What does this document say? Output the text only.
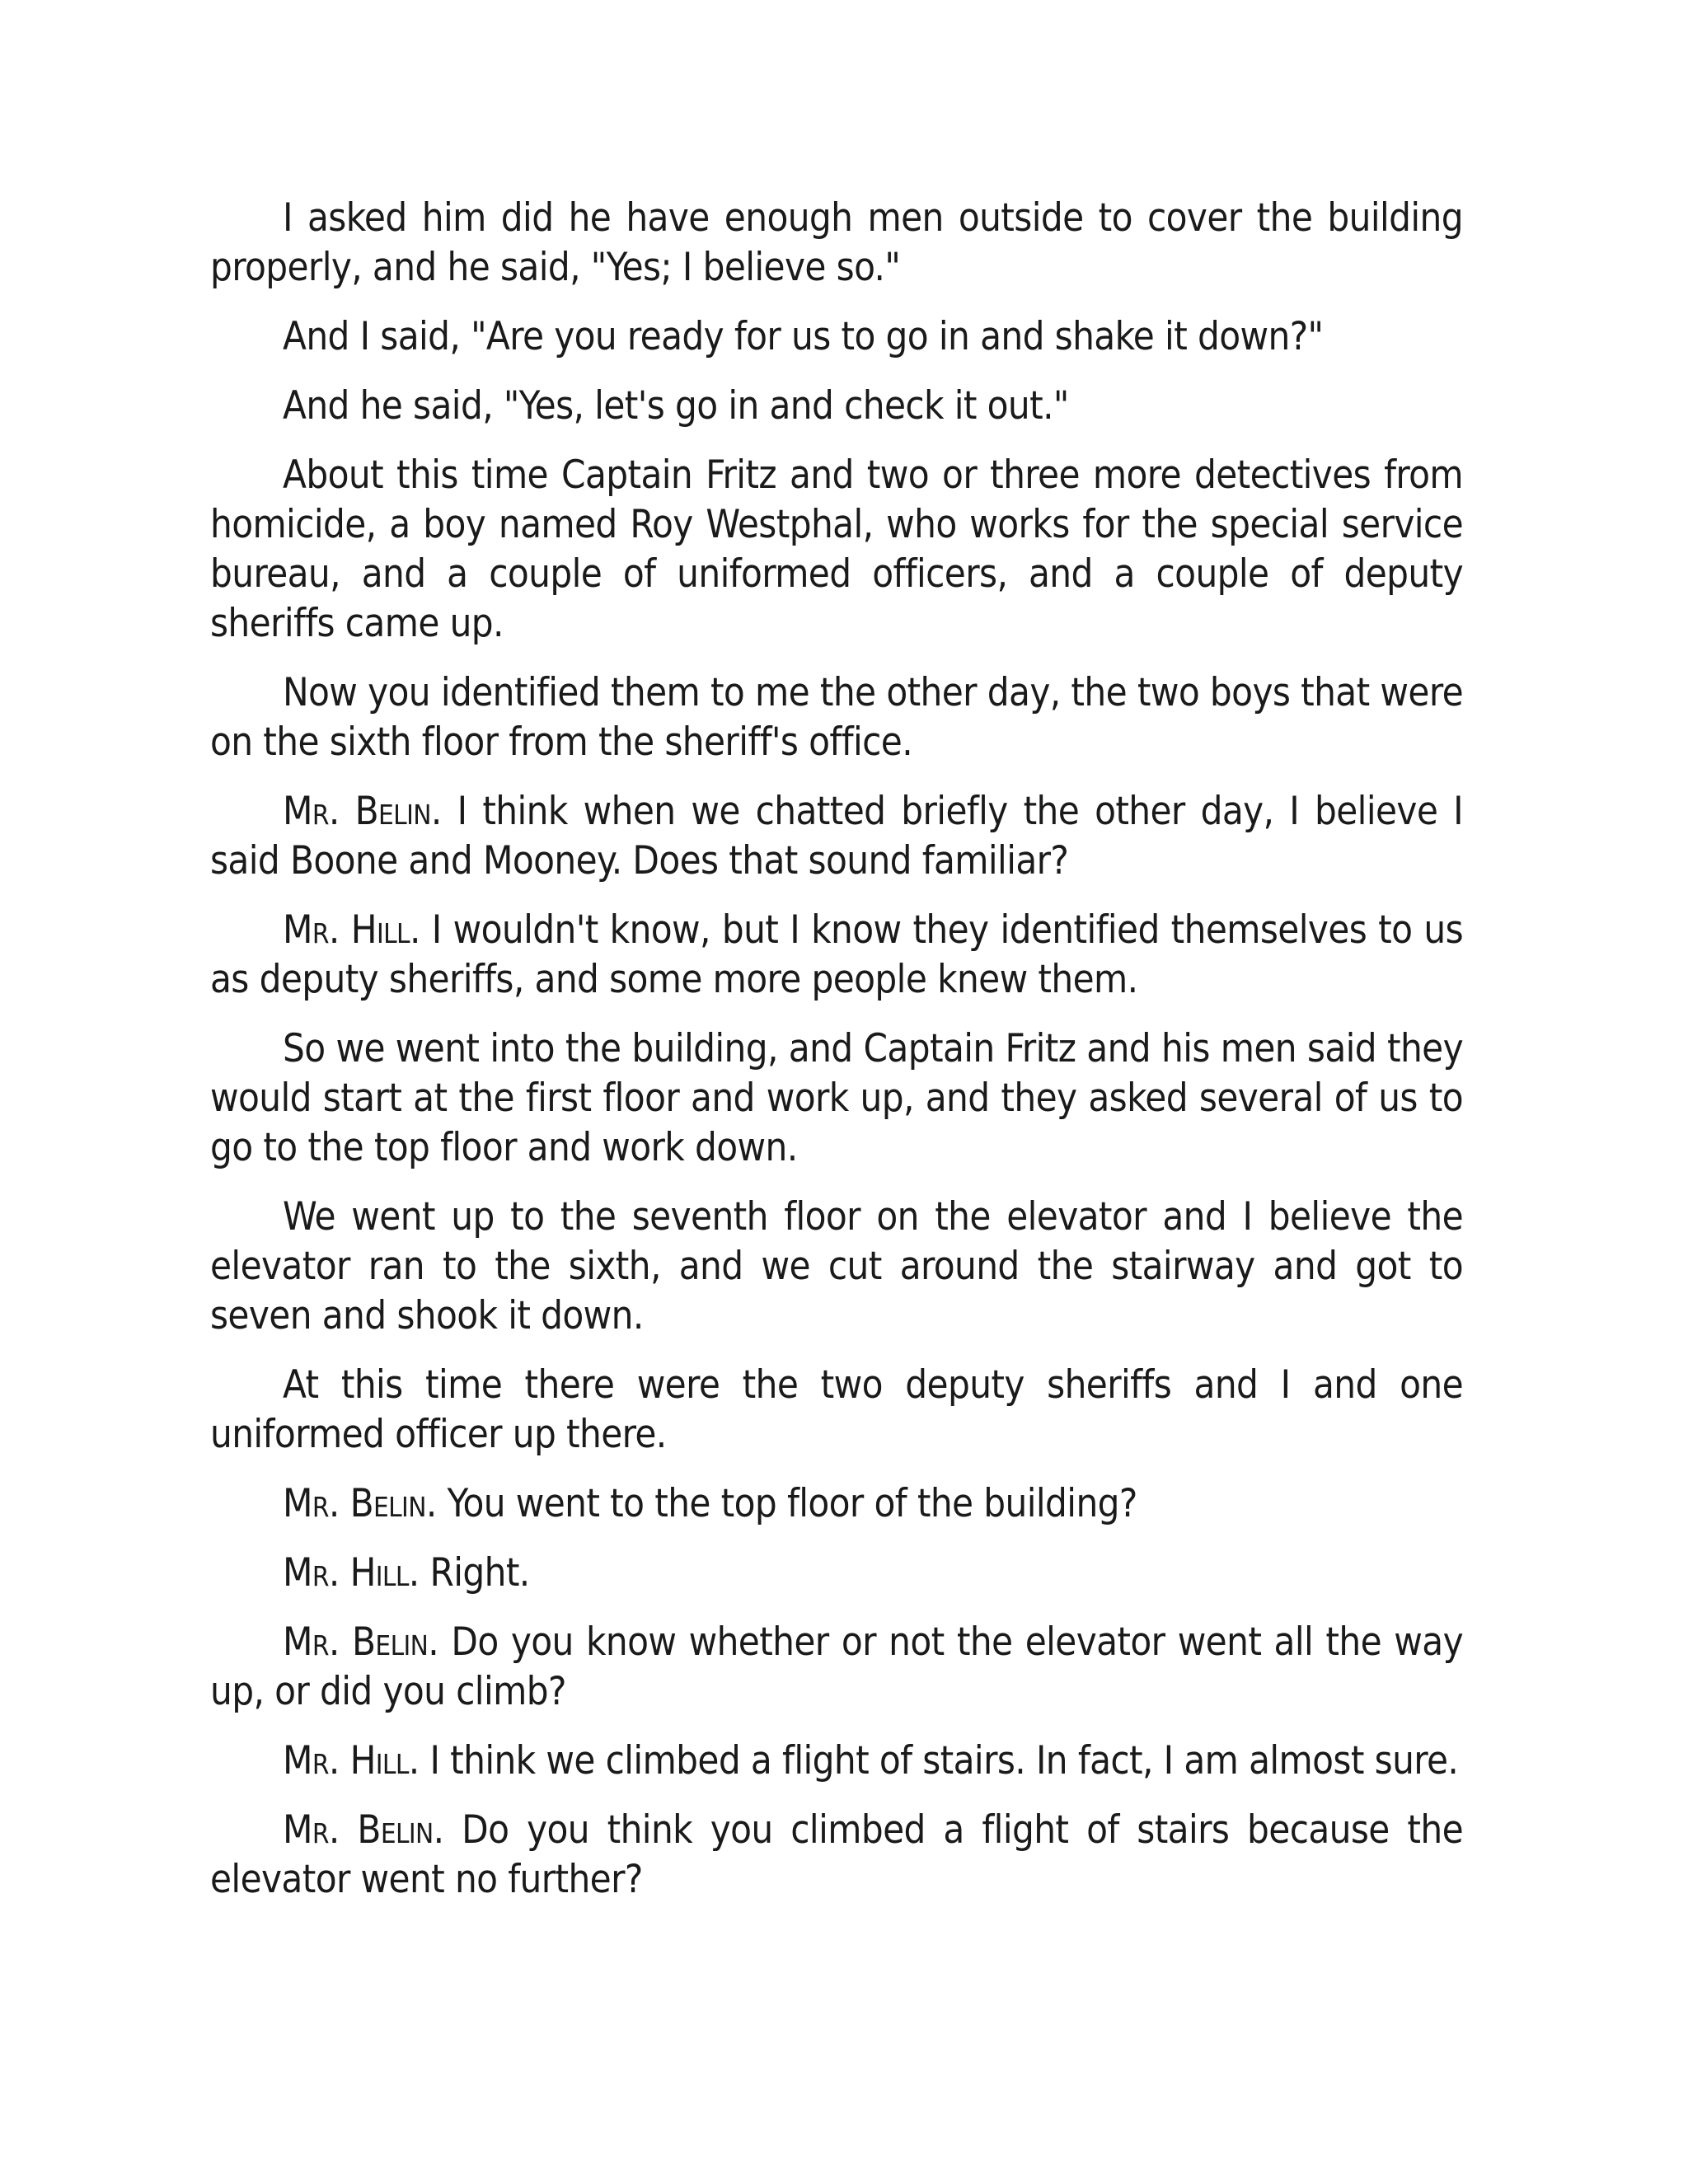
I asked him did he have enough men outside to cover the building properly, and he said, "Yes; I believe so."

And I said, "Are you ready for us to go in and shake it down?"

And he said, "Yes, let's go in and check it out."

About this time Captain Fritz and two or three more detectives from homicide, a boy named Roy Westphal, who works for the special service bureau, and a couple of uniformed officers, and a couple of deputy sheriffs came up.

Now you identified them to me the other day, the two boys that were on the sixth floor from the sheriff's office.

Mr. Belin. I think when we chatted briefly the other day, I believe I said Boone and Mooney. Does that sound familiar?

Mr. Hill. I wouldn't know, but I know they identified themselves to us as deputy sheriffs, and some more people knew them.

So we went into the building, and Captain Fritz and his men said they would start at the first floor and work up, and they asked several of us to go to the top floor and work down.

We went up to the seventh floor on the elevator and I believe the elevator ran to the sixth, and we cut around the stairway and got to seven and shook it down.

At this time there were the two deputy sheriffs and I and one uniformed officer up there.

Mr. Belin. You went to the top floor of the building?

Mr. Hill. Right.

Mr. Belin. Do you know whether or not the elevator went all the way up, or did you climb?

Mr. Hill. I think we climbed a flight of stairs. In fact, I am almost sure.

Mr. Belin. Do you think you climbed a flight of stairs because the elevator went no further?
